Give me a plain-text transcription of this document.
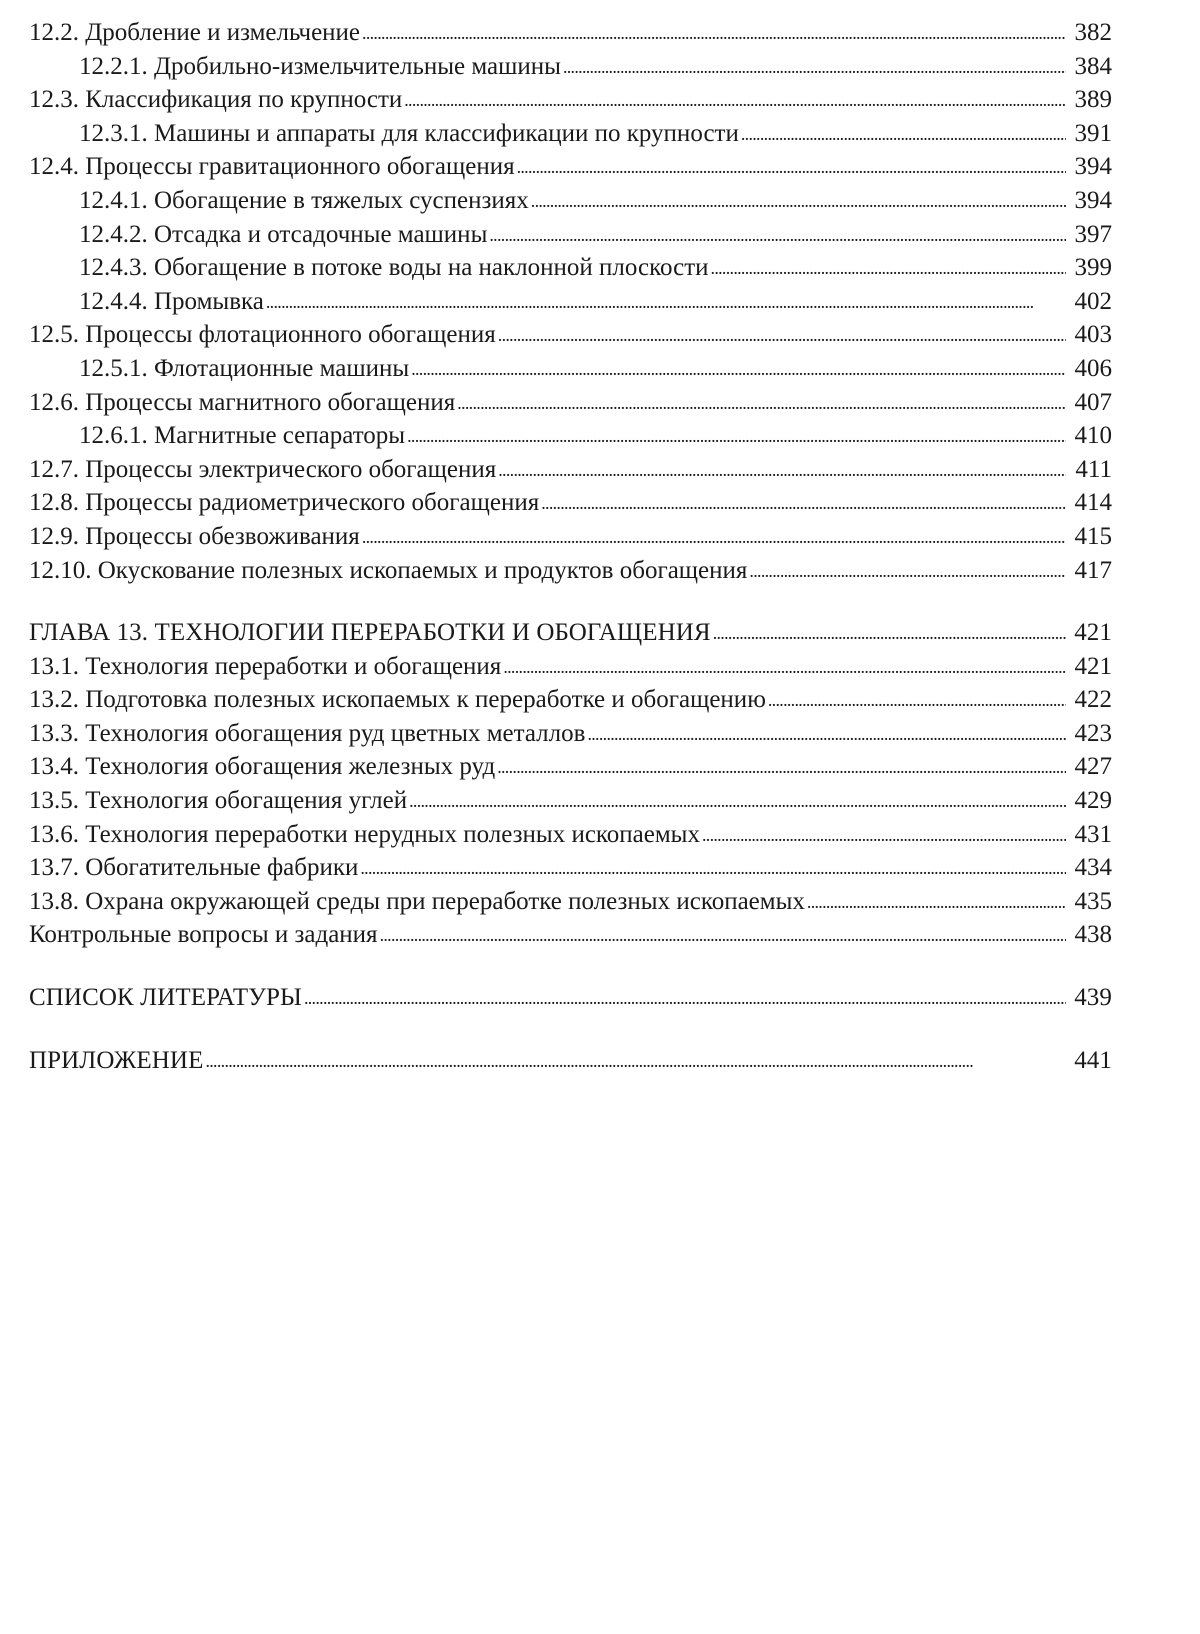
12.2. Дробление и измельчение . . .	382
12.2.1. Дробильно-измельчительные машины . . .	384
12.3. Классификация по крупности . . .	389
12.3.1. Машины и аппараты для классификации по крупности . . .	391
12.4. Процессы гравитационного обогащения . . .	394
12.4.1. Обогащение в тяжелых суспензиях . . .	394
12.4.2. Отсадка и отсадочные машины . . .	397
12.4.3. Обогащение в потоке воды на наклонной плоскости . . .	399
12.4.4. Промывка . . .	402
12.5. Процессы флотационного обогащения . . .	403
12.5.1. Флотационные машины . . .	406
12.6. Процессы магнитного обогащения . . .	407
12.6.1. Магнитные сепараторы . . .	410
12.7. Процессы электрического обогащения . . .	411
12.8. Процессы радиометрического обогащения . . .	414
12.9. Процессы обезвоживания . . .	415
12.10. Окускование полезных ископаемых и продуктов обогащения . . .	417
ГЛАВА 13. ТЕХНОЛОГИИ ПЕРЕРАБОТКИ И ОБОГАЩЕНИЯ . . .	421
13.1. Технология переработки и обогащения . . .	421
13.2. Подготовка полезных ископаемых к переработке и обогащению . . .	422
13.3. Технология обогащения руд цветных металлов . . .	423
13.4. Технология обогащения железных руд . . .	427
13.5. Технология обогащения углей . . .	429
13.6. Технология переработки нерудных полезных ископаемых . . .	431
13.7. Обогатительные фабрики . . .	434
13.8. Охрана окружающей среды при переработке полезных ископаемых . . .	435
Контрольные вопросы и задания . . .	438
СПИСОК ЛИТЕРАТУРЫ . . .	439
ПРИЛОЖЕНИЕ . . .	441
